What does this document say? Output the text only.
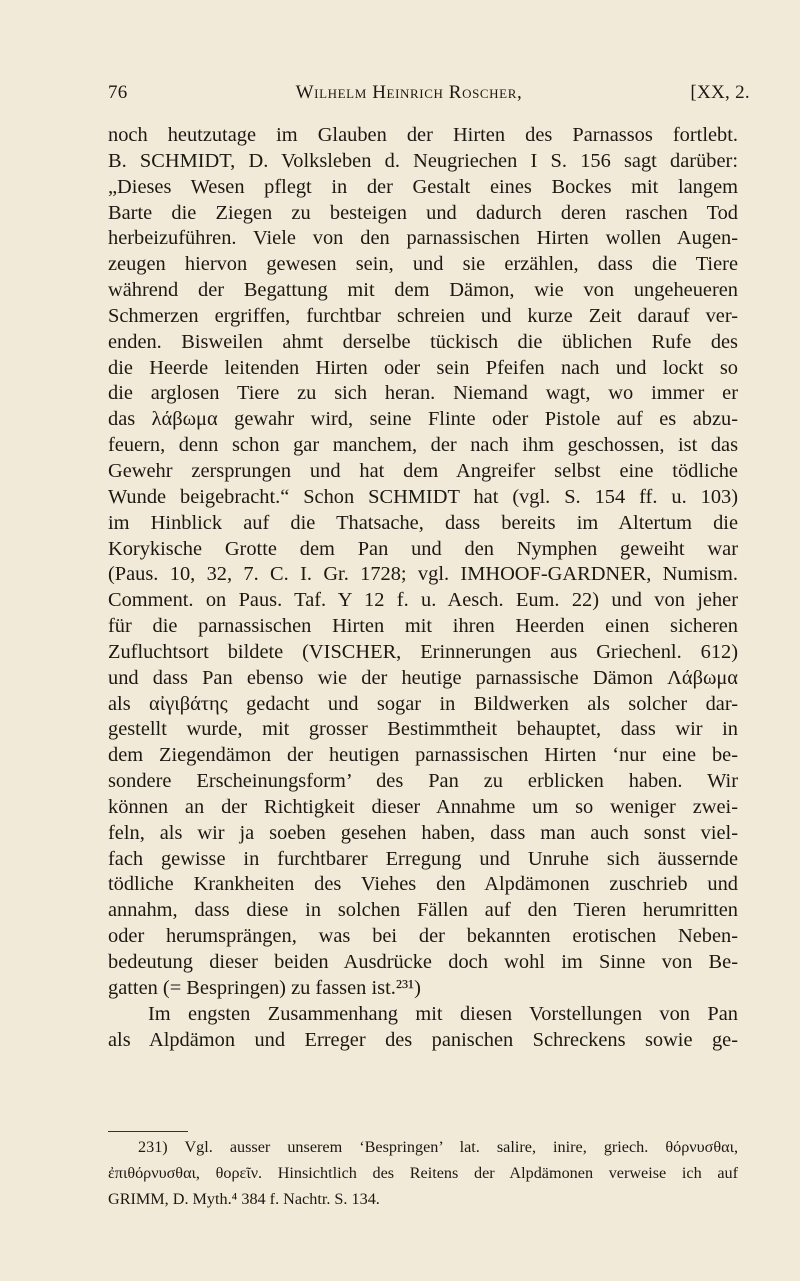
76	Wilhelm Heinrich Roscher,	[XX, 2.
noch heutzutage im Glauben der Hirten des Parnassos fortlebt.
B. SCHMIDT, D. Volksleben d. Neugriechen I S. 156 sagt darüber:
„Dieses Wesen pflegt in der Gestalt eines Bockes mit langem
Barte die Ziegen zu besteigen und dadurch deren raschen Tod
herbeizuführen. Viele von den parnassischen Hirten wollen Augen-
zeugen hiervon gewesen sein, und sie erzählen, dass die Tiere
während der Begattung mit dem Dämon, wie von ungeheueren
Schmerzen ergriffen, furchtbar schreien und kurze Zeit darauf ver-
enden. Bisweilen ahmt derselbe tückisch die üblichen Rufe des
die Heerde leitenden Hirten oder sein Pfeifen nach und lockt so
die arglosen Tiere zu sich heran. Niemand wagt, wo immer er
das λάβωμα gewahr wird, seine Flinte oder Pistole auf es abzu-
feuern, denn schon gar manchem, der nach ihm geschossen, ist das
Gewehr zersprungen und hat dem Angreifer selbst eine tödliche
Wunde beigebracht.“ Schon SCHMIDT hat (vgl. S. 154 ff. u. 103)
im Hinblick auf die Thatsache, dass bereits im Altertum die
Korykische Grotte dem Pan und den Nymphen geweiht war
(Paus. 10, 32, 7. C. I. Gr. 1728; vgl. IMHOOF-GARDNER, Numism.
Comment. on Paus. Taf. Y 12 f. u. Aesch. Eum. 22) und von jeher
für die parnassischen Hirten mit ihren Heerden einen sicheren
Zufluchtsort bildete (VISCHER, Erinnerungen aus Griechenl. 612)
und dass Pan ebenso wie der heutige parnassische Dämon Λάβωμα
als αἰγιβάτης gedacht und sogar in Bildwerken als solcher dar-
gestellt wurde, mit grosser Bestimmtheit behauptet, dass wir in
dem Ziegendämon der heutigen parnassischen Hirten ‘nur eine be-
sondere Erscheinungsform’ des Pan zu erblicken haben. Wir
können an der Richtigkeit dieser Annahme um so weniger zwei-
feln, als wir ja soeben gesehen haben, dass man auch sonst viel-
fach gewisse in furchtbarer Erregung und Unruhe sich äussernde
tödliche Krankheiten des Viehes den Alpdämonen zuschrieb und
annahm, dass diese in solchen Fällen auf den Tieren herumritten
oder herumsprängen, was bei der bekannten erotischen Neben-
bedeutung dieser beiden Ausdrücke doch wohl im Sinne von Be-
gatten (= Bespringen) zu fassen ist.²³¹)
Im engsten Zusammenhang mit diesen Vorstellungen von Pan
als Alpdämon und Erreger des panischen Schreckens sowie ge-
231) Vgl. ausser unserem ‘Bespringen’ lat. salire, inire, griech. θόρνυσθαι,
ἐπιθόρνυσθαι, θορεῖν. Hinsichtlich des Reitens der Alpdämonen verweise ich auf
GRIMM, D. Myth.⁴ 384 f. Nachtr. S. 134.
